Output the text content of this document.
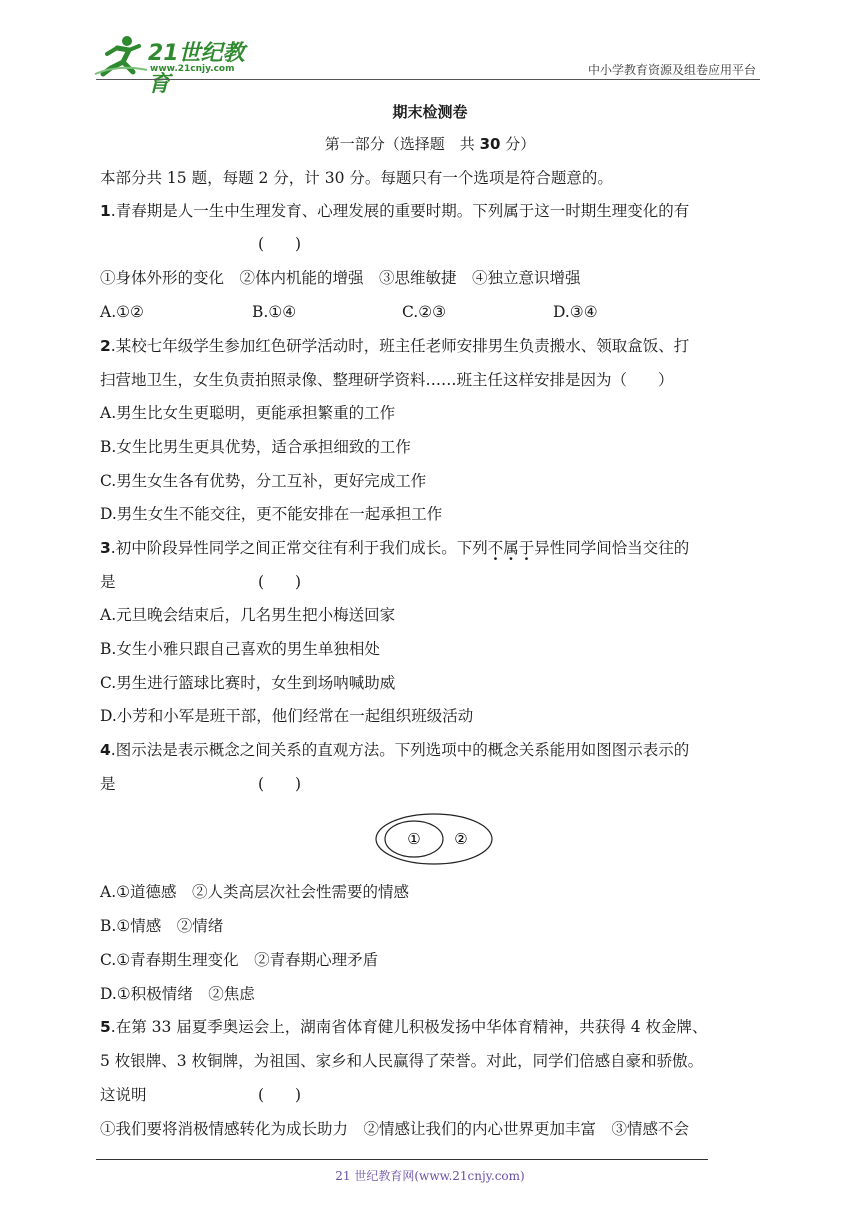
21世纪教育
www.21cnjy.com	中小学教育资源及组卷应用平台
期末检测卷
第一部分（选择题　共 30 分）
本部分共 15 题，每题 2 分，计 30 分。每题只有一个选项是符合题意的。
1.青春期是人一生中生理发育、心理发展的重要时期。下列属于这一时期生理变化的有
(　　)
①身体外形的变化　②体内机能的增强　③思维敏捷　④独立意识增强
A.①②	B.①④	C.②③	D.③④
2.某校七年级学生参加红色研学活动时，班主任老师安排男生负责搬水、领取盒饭、打
扫营地卫生，女生负责拍照录像、整理研学资料……班主任这样安排是因为（　　）
A.男生比女生更聪明，更能承担繁重的工作
B.女生比男生更具优势，适合承担细致的工作
C.男生女生各有优势，分工互补，更好完成工作
D.男生女生不能交往，更不能安排在一起承担工作
3.初中阶段异性同学之间正常交往有利于我们成长。下列不属于异性同学间恰当交往的
是	(　　)
A.元旦晚会结束后，几名男生把小梅送回家
B.女生小雅只跟自己喜欢的男生单独相处
C.男生进行篮球比赛时，女生到场呐喊助威
D.小芳和小军是班干部，他们经常在一起组织班级活动
4.图示法是表示概念之间关系的直观方法。下列选项中的概念关系能用如图图示表示的
是	(　　)
① ②
A.①道德感　②人类高层次社会性需要的情感
B.①情感　②情绪
C.①青春期生理变化　②青春期心理矛盾
D.①积极情绪　②焦虑
5.在第 33 届夏季奥运会上，湖南省体育健儿积极发扬中华体育精神，共获得 4 枚金牌、
5 枚银牌、3 枚铜牌，为祖国、家乡和人民赢得了荣誉。对此，同学们倍感自豪和骄傲。
这说明	(　　)
①我们要将消极情感转化为成长助力　②情感让我们的内心世界更加丰富　③情感不会
21 世纪教育网(www.21cnjy.com)
